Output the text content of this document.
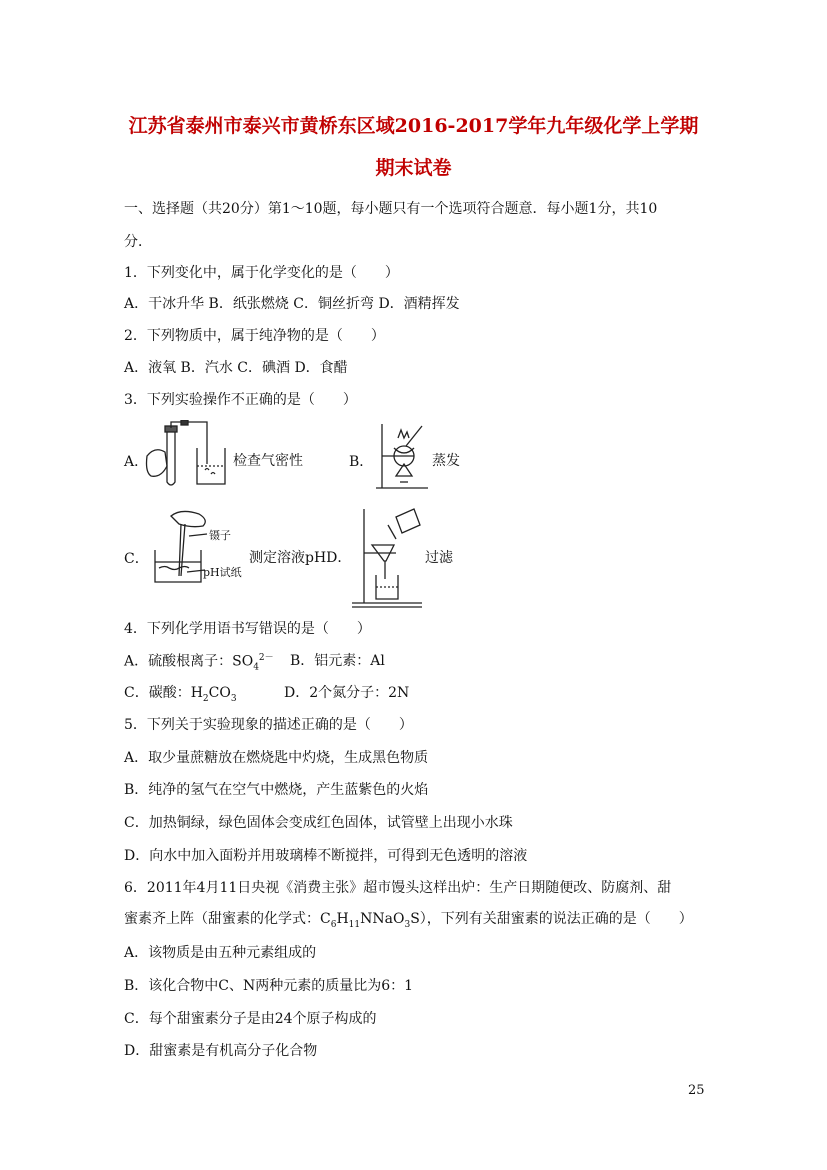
江苏省泰州市泰兴市黄桥东区域2016-2017学年九年级化学上学期
期末试卷
一、选择题（共20分）第1～10题，每小题只有一个选项符合题意．每小题1分，共10
分．
1．下列变化中，属于化学变化的是（　　）
A．干冰升华 B．纸张燃烧 C．铜丝折弯 D．酒精挥发
2．下列物质中，属于纯净物的是（　　）
A．液氧 B．汽水 C．碘酒 D．食醋
3．下列实验操作不正确的是（　　）
A．	检查气密性	B．	蒸发
C．
镊子
pH试纸
测定溶液pHD．	过滤
4．下列化学用语书写错误的是（　　）
A．硫酸根离子：$SO_4^{2-}$ B．铝元素：Al
C．碳酸：$H_2CO_3$	D．2个氮分子：2N
5．下列关于实验现象的描述正确的是（　　）
A．取少量蔗糖放在燃烧匙中灼烧，生成黑色物质
B．纯净的氢气在空气中燃烧，产生蓝紫色的火焰
C．加热铜绿，绿色固体会变成红色固体，试管壁上出现小水珠
D．向水中加入面粉并用玻璃棒不断搅拌，可得到无色透明的溶液
6．2011年4月11日央视《消费主张》超市馒头这样出炉：生产日期随便改、防腐剂、甜
蜜素齐上阵（甜蜜素的化学式：$C_6H_{11}NNaO_3S$），下列有关甜蜜素的说法正确的是（　　）
A．该物质是由五种元素组成的
B．该化合物中C、N两种元素的质量比为6：1
C．每个甜蜜素分子是由24个原子构成的
D．甜蜜素是有机高分子化合物
25
